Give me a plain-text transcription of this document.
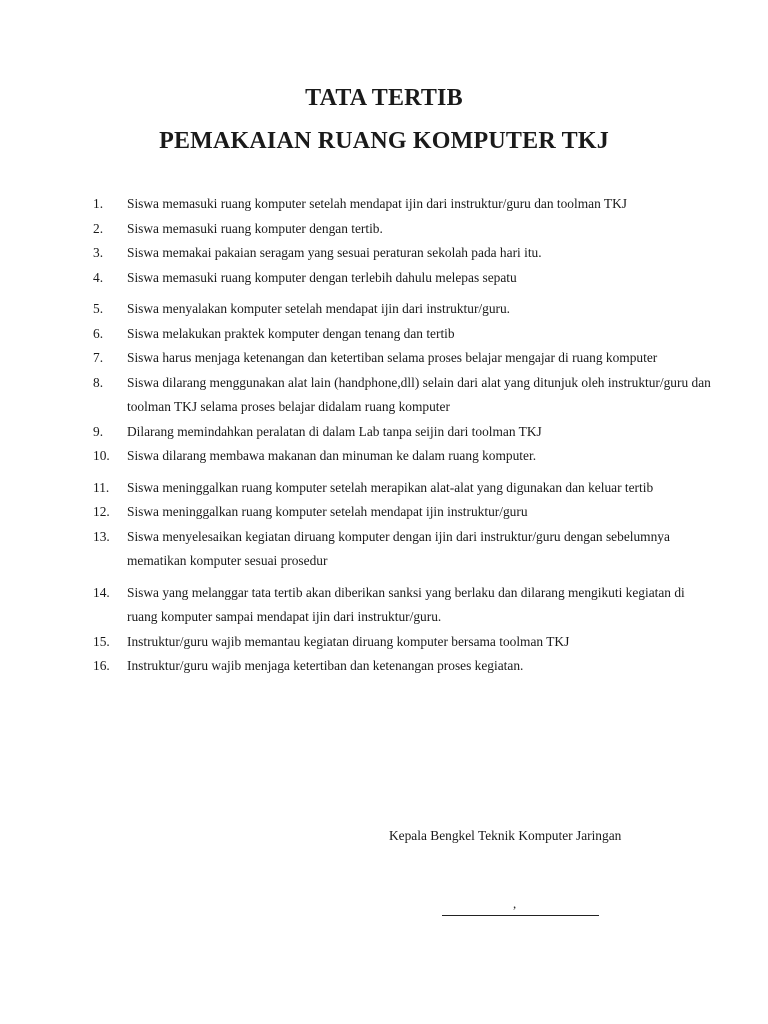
TATA TERTIB
PEMAKAIAN RUANG KOMPUTER TKJ
1. Siswa memasuki ruang komputer setelah mendapat ijin dari instruktur/guru dan toolman TKJ
2. Siswa memasuki ruang komputer dengan tertib.
3. Siswa memakai pakaian seragam yang sesuai peraturan sekolah pada hari itu.
4. Siswa memasuki ruang komputer dengan terlebih dahulu melepas sepatu
5. Siswa menyalakan komputer setelah mendapat ijin dari instruktur/guru.
6. Siswa melakukan praktek komputer dengan tenang dan tertib
7. Siswa harus menjaga ketenangan dan ketertiban selama proses belajar mengajar di ruang komputer
8. Siswa dilarang menggunakan alat lain (handphone,dll) selain dari alat yang ditunjuk oleh instruktur/guru dan toolman TKJ selama proses belajar didalam ruang komputer
9. Dilarang memindahkan peralatan di dalam Lab tanpa seijin dari toolman TKJ
10. Siswa dilarang membawa makanan dan minuman ke dalam ruang komputer.
11. Siswa meninggalkan ruang komputer setelah merapikan alat-alat yang digunakan dan keluar tertib
12. Siswa meninggalkan ruang komputer setelah mendapat ijin instruktur/guru
13. Siswa menyelesaikan kegiatan diruang komputer dengan ijin dari instruktur/guru dengan sebelumnya mematikan komputer sesuai prosedur
14. Siswa yang melanggar tata tertib akan diberikan sanksi yang berlaku dan dilarang mengikuti kegiatan di ruang komputer sampai mendapat ijin dari instruktur/guru.
15. Instruktur/guru wajib memantau kegiatan diruang komputer bersama toolman TKJ
16. Instruktur/guru wajib menjaga ketertiban dan ketenangan proses kegiatan.

Kepala Bengkel Teknik Komputer Jaringan

,
